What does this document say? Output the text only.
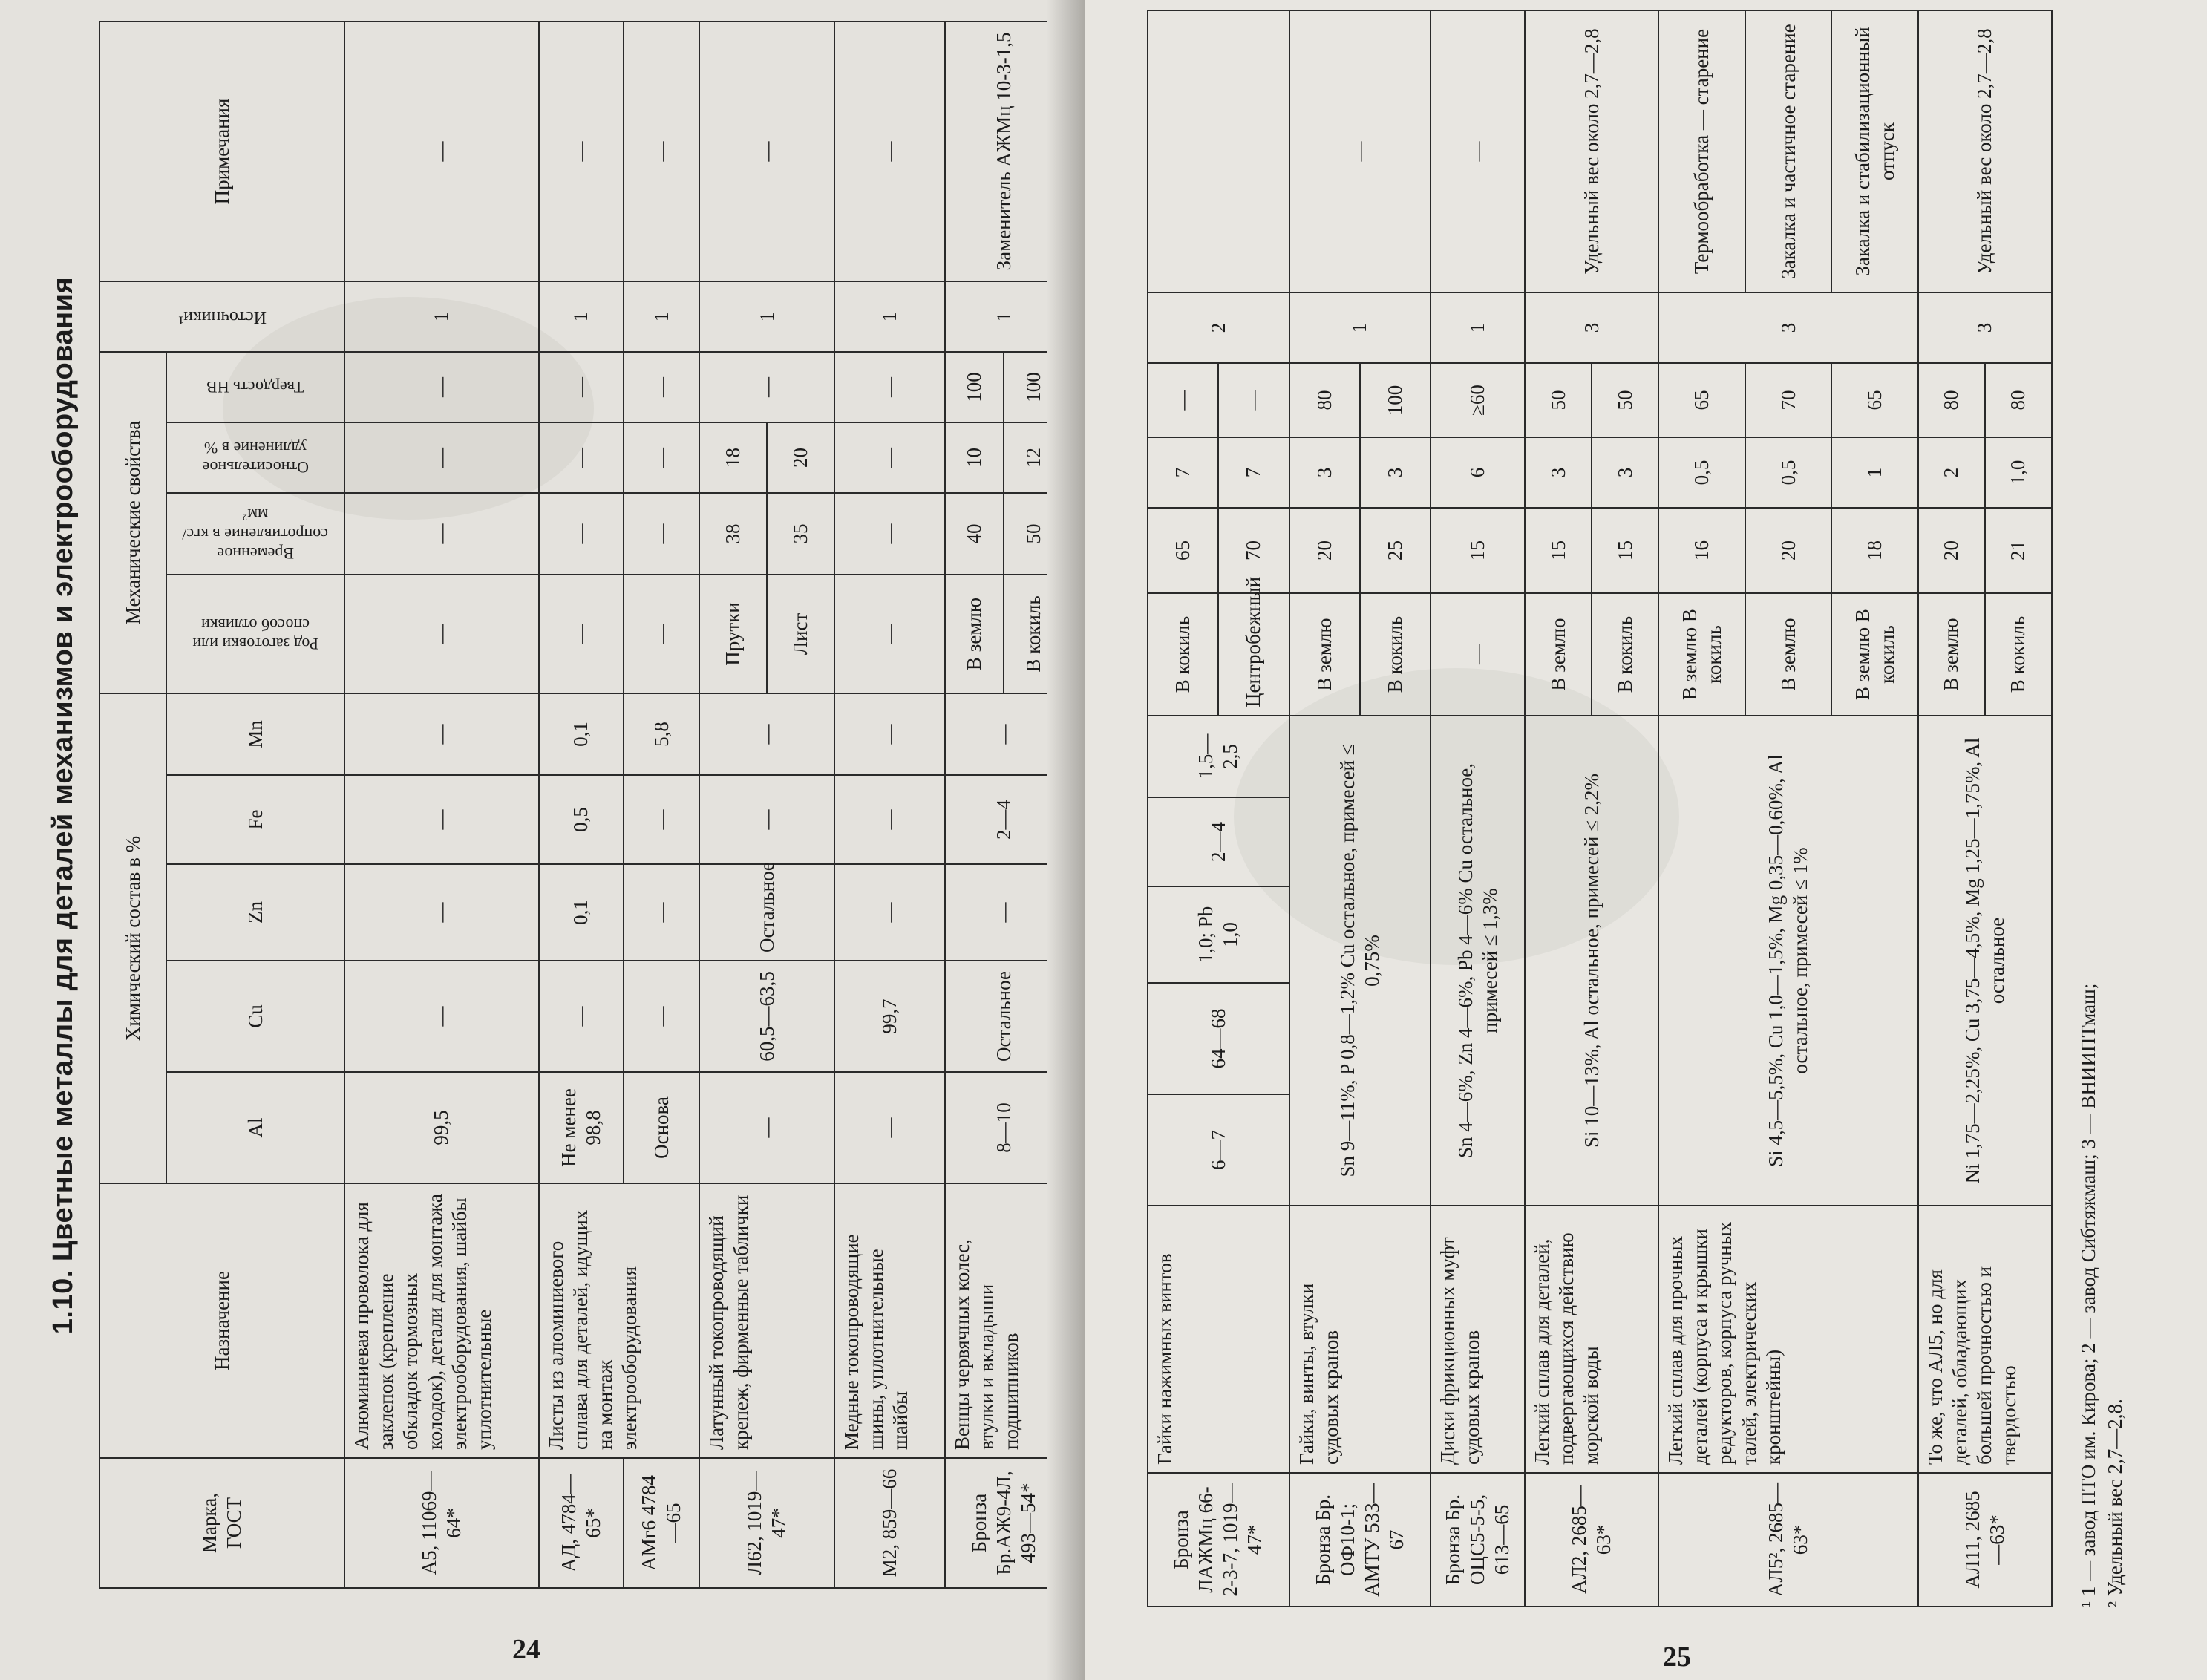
1.10. Цветные металлы для деталей механизмов и электрооборудования
Марка, ГОСТ	Назначение	Химический состав в %					Механические свойства				Источники¹	Примечания
		Al	Cu	Zn	Fe	Mn	Род заготовки или способ отливки	Временное сопротивление в кгс/мм²	Относительное удлинение в %	Твердость HB		

А5, 11069—64*	Алюминиевая проволока для заклепок (крепление обкладок тормозных колодок), детали для монтажа электрооборудования, шайбы уплотнительные	99,5	—	—	—	—	—	—	—	—	1	—
АД, 4784—65*	Листы из алюминиевого сплава для деталей, идущих на монтаж электрооборудования	Не менее 98,8	—	0,1	0,5	0,1	—	—	—	—	1	—
АМг6 4784—65		Основа	—	—	—	5,8	—	—	—	—	1	—
Л62, 1019—47*	Латунный токопроводящий крепеж, фирменные таблички	—	60,5—63,5	Остальное	—	—	Прутки	38	18	—	1	—
							Лист	35	20			
М2, 859—66	Медные токопроводящие шины, уплотнительные шайбы	—	99,7	—	—	—	—	—	—	—	1	—
Бронза Бр.АЖ9-4Л, 493—54*	Венцы червячных колес, втулки и вкладыши подшипников	8—10	Остальное	—	2—4	—	В землю	40	10	100	1	Заменитель АЖМц 10-3-1,5
							В кокиль	50	12	100		
24
Бронза ЛАЖМц 66-2-3-7, 1019—47*	Гайки нажимных винтов	6—7	64—68	1,0; Pb 1,0	2—4	1,5—2,5	В кокиль	65	7	—	2	
							Центробежный	70	7	—		
Бронза Бр. ОФ10-1; АМТУ 533—67	Гайки, винты, втулки судовых кранов	Sn 9—11%, P 0,8—1,2% Cu остальное, примесей ≤ 0,75%					В землю	20	3	80	1	—
							В кокиль	25	3	100		
Бронза Бр. ОЦС5-5-5, 613—65	Диски фрикционных муфт судовых кранов	Sn 4—6%, Zn 4—6%, Pb 4—6% Cu остальное, примесей ≤ 1,3%					—	15	6	≥60	1	—
АЛ2, 2685—63*	Легкий сплав для деталей, подвергающихся действию морской воды	Si 10—13%, Al остальное, примесей ≤ 2,2%					В землю	15	3	50	3	Удельный вес около 2,7—2,8
							В кокиль	15	3	50		
АЛ5², 2685—63*	Легкий сплав для прочных деталей (корпуса и крышки редукторов, корпуса ручных талей, электрических кронштейны)	Si 4,5—5,5%, Cu 1,0—1,5%, Mg 0,35—0,60%, Al остальное, примесей ≤ 1%					В землю В кокиль	16	0,5	65	3	Термообработка — старение
							В землю	20	0,5	70		Закалка и частичное старение
							В землю В кокиль	18	1	65		Закалка и стабилизационный отпуск
АЛ11, 2685—63*	То же, что АЛ5, но для деталей, обладающих большей прочностью и твердостью	Ni 1,75—2,25%, Cu 3,75—4,5%, Mg 1,25—1,75%, Al остальное					В землю	20	2	80	3	Удельный вес около 2,7—2,8
							В кокиль	21	1,0	80		
¹ 1 — завод ПТО им. Кирова; 2 — завод Сибтяжмаш; 3 — ВНИИПТмаш; ² Удельный вес 2,7—2,8.
25
